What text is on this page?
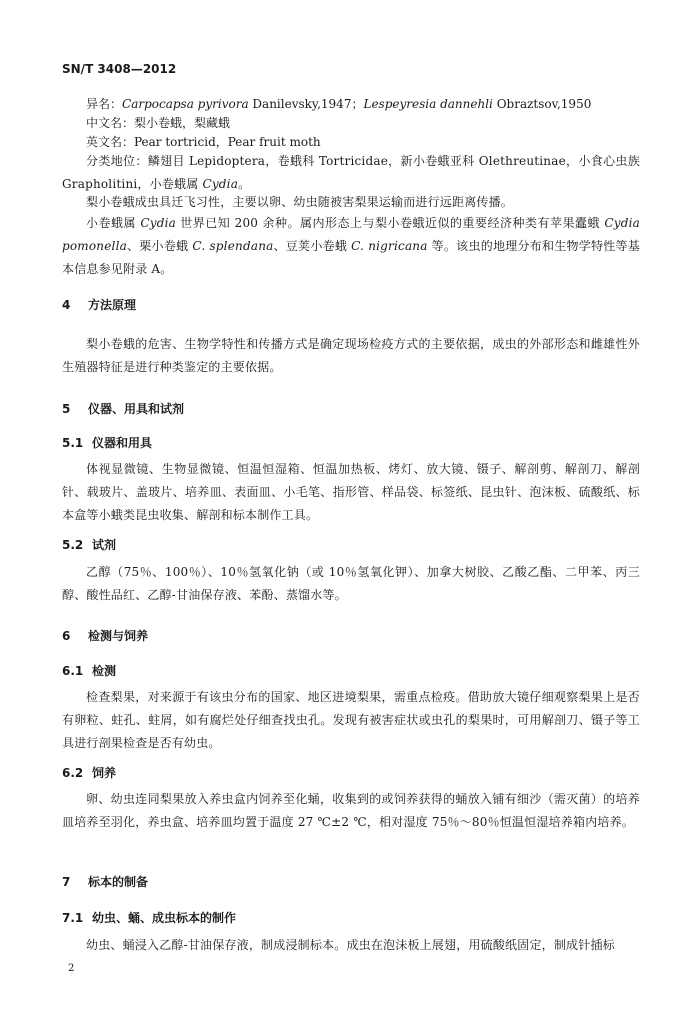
SN/T 3408—2012
异名：Carpocapsa pyrivora Danilevsky,1947；Lespeyresia dannehli Obraztsov,1950
中文名：梨小卷蛾，梨藏蛾
英文名：Pear tortricid，Pear fruit moth
分类地位：鳞翅目 Lepidoptera，卷蛾科 Tortricidae，新小卷蛾亚科 Olethreutinae，小食心虫族 Grapholitini，小卷蛾属 Cydia。
梨小卷蛾成虫具迁飞习性，主要以卵、幼虫随被害梨果运输而进行远距离传播。
小卷蛾属 Cydia 世界已知 200 余种。属内形态上与梨小卷蛾近似的重要经济种类有苹果蠹蛾 Cydia pomonella、栗小卷蛾 C. splendana、豆荚小卷蛾 C. nigricana 等。该虫的地理分布和生物学特性等基本信息参见附录 A。
4 方法原理
梨小卷蛾的危害、生物学特性和传播方式是确定现场检疫方式的主要依据，成虫的外部形态和雌雄性外生殖器特征是进行种类鉴定的主要依据。
5 仪器、用具和试剂
5.1 仪器和用具
体视显微镜、生物显微镜、恒温恒湿箱、恒温加热板、烤灯、放大镜、镊子、解剖剪、解剖刀、解剖针、载玻片、盖玻片、培养皿、表面皿、小毛笔、指形管、样品袋、标签纸、昆虫针、泡沫板、硫酸纸、标本盒等小蛾类昆虫收集、解剖和标本制作工具。
5.2 试剂
乙醇（75％、100％）、10％氢氧化钠（或 10％氢氧化钾）、加拿大树胶、乙酸乙酯、二甲苯、丙三醇、酸性品红、乙醇-甘油保存液、苯酚、蒸馏水等。
6 检测与饲养
6.1 检测
检查梨果，对来源于有该虫分布的国家、地区进境梨果，需重点检疫。借助放大镜仔细观察梨果上是否有卵粒、蛀孔、蛀屑，如有腐烂处仔细查找虫孔。发现有被害症状或虫孔的梨果时，可用解剖刀、镊子等工具进行剖果检查是否有幼虫。
6.2 饲养
卵、幼虫连同梨果放入养虫盒内饲养至化蛹，收集到的或饲养获得的蛹放入铺有细沙（需灭菌）的培养皿培养至羽化，养虫盒、培养皿均置于温度 27 ℃±2 ℃，相对湿度 75％～80％恒温恒湿培养箱内培养。
7 标本的制备
7.1 幼虫、蛹、成虫标本的制作
幼虫、蛹浸入乙醇-甘油保存液，制成浸制标本。成虫在泡沫板上展翅，用硫酸纸固定，制成针插标
2
